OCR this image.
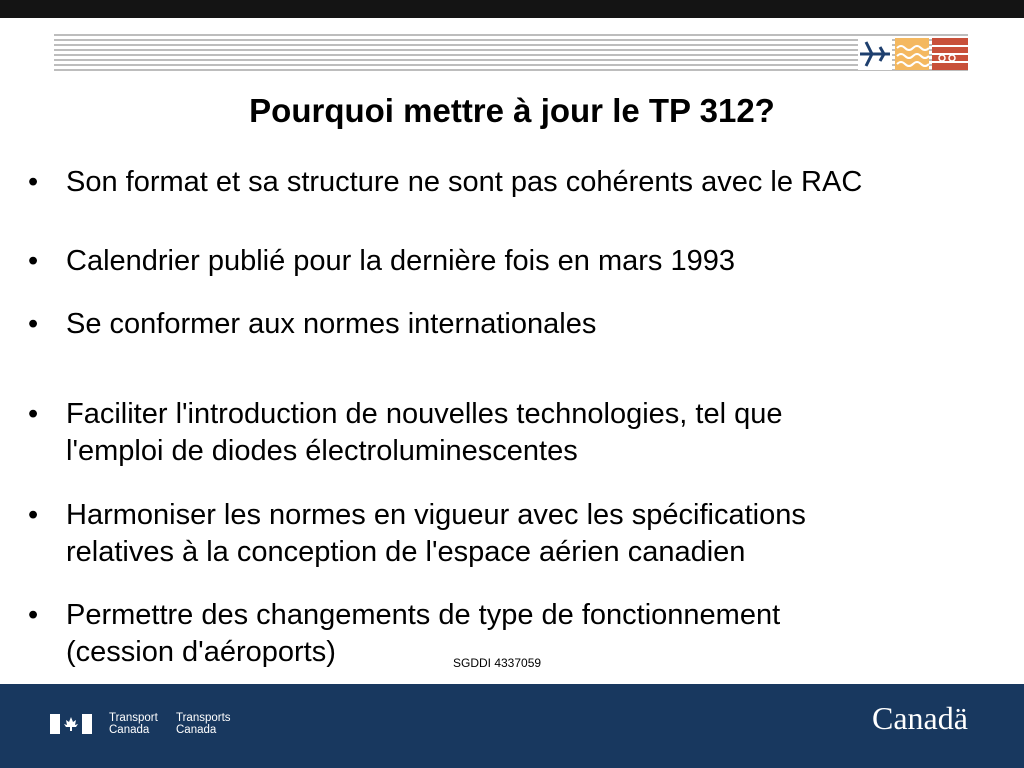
Pourquoi mettre à jour le TP 312?
• Son format et sa structure ne sont pas cohérents avec le RAC
• Calendrier publié pour la dernière fois en mars 1993
• Se conformer aux normes internationales
• Faciliter l'introduction de nouvelles technologies, tel que
l'emploi de diodes électroluminescentes
• Harmoniser les normes en vigueur avec les spécifications
relatives à la conception de l'espace aérien canadien
• Permettre des changements de type de fonctionnement
(cession d'aéroports)	SGDDI 4337059
Transport
Canada
Transports
Canada	Canadä
